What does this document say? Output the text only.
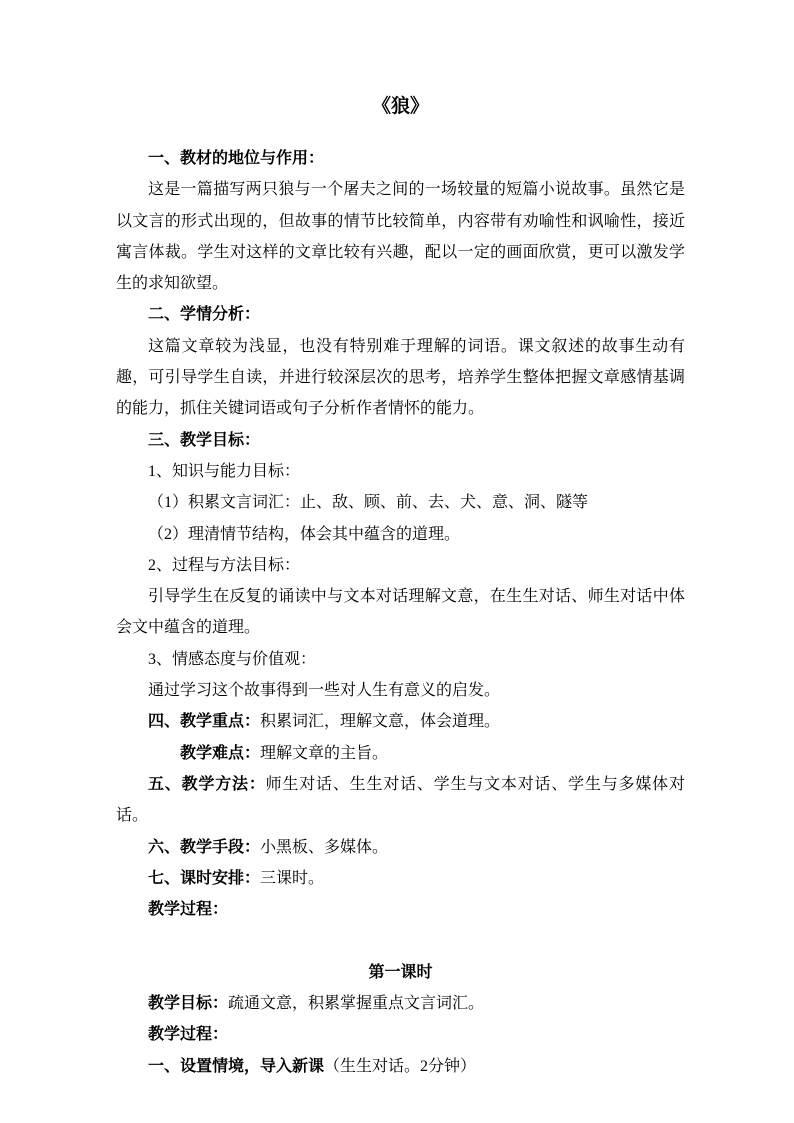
《狼》

一、教材的地位与作用：

这是一篇描写两只狼与一个屠夫之间的一场较量的短篇小说故事。虽然它是以文言的形式出现的，但故事的情节比较简单，内容带有劝喻性和讽喻性，接近寓言体裁。学生对这样的文章比较有兴趣，配以一定的画面欣赏，更可以激发学生的求知欲望。

二、学情分析：

这篇文章较为浅显，也没有特别难于理解的词语。课文叙述的故事生动有趣，可引导学生自读，并进行较深层次的思考，培养学生整体把握文章感情基调的能力，抓住关键词语或句子分析作者情怀的能力。

三、教学目标：

1、知识与能力目标：

（1）积累文言词汇：止、敌、顾、前、去、犬、意、洞、隧等

（2）理清情节结构，体会其中蕴含的道理。

2、过程与方法目标：

引导学生在反复的诵读中与文本对话理解文意，在生生对话、师生对话中体会文中蕴含的道理。

3、情感态度与价值观：

通过学习这个故事得到一些对人生有意义的启发。

四、教学重点：积累词汇，理解文意，体会道理。

教学难点：理解文章的主旨。

五、教学方法：师生对话、生生对话、学生与文本对话、学生与多媒体对话。

六、教学手段：小黑板、多媒体。

七、课时安排：三课时。

教学过程：

第一课时

教学目标：疏通文意，积累掌握重点文言词汇。

教学过程：

一、设置情境，导入新课（生生对话。2分钟）
